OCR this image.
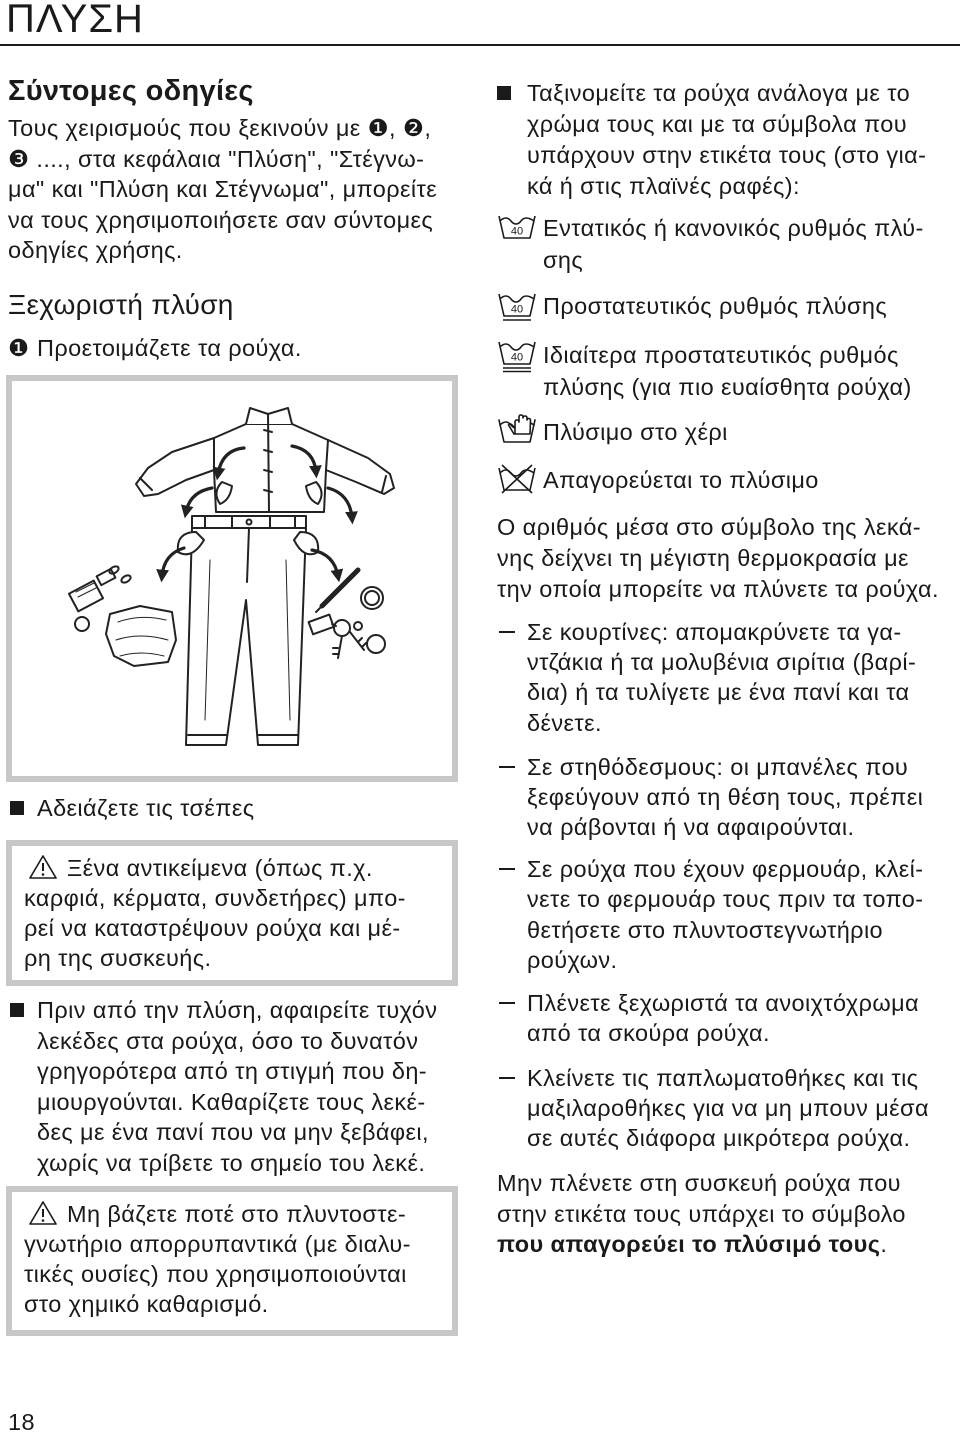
ΠΛΥΣΗ
Σύντομες οδηγίες
Τους χειρισμούς που ξεκινούν με ❶, ❷,
❸ ...., στα κεφάλαια "Πλύση", "Στέγνω-
μα" και "Πλύση και Στέγνωμα", μπορείτε
να τους χρησιμοποιήσετε σαν σύντομες
οδηγίες χρήσης.
Ξεχωριστή πλύση
❶ Προετοιμάζετε τα ρούχα.
Αδειάζετε τις τσέπες
Ξένα αντικείμενα (όπως π.χ.
καρφιά, κέρματα, συνδετήρες) μπο-
ρεί να καταστρέψουν ρούχα και μέ-
ρη της συσκευής.
Πριν από την πλύση, αφαιρείτε τυχόν
λεκέδες στα ρούχα, όσο το δυνατόν
γρηγορότερα από τη στιγμή που δη-
μιουργούνται. Καθαρίζετε τους λεκέ-
δες με ένα πανί που να μην ξεβάφει,
χωρίς να τρίβετε το σημείο του λεκέ.
Μη βάζετε ποτέ στο πλυντοστε-
γνωτήριο απορρυπαντικά (με διαλυ-
τικές ουσίες) που χρησιμοποιούνται
στο χημικό καθαρισμό.
18
Ταξινομείτε τα ρούχα ανάλογα με το
χρώμα τους και με τα σύμβολα που
υπάρχουν στην ετικέτα τους (στο για-
κά ή στις πλαϊνές ραφές):
40 Εντατικός ή κανονικός ρυθμός πλύ-
σης
40 Προστατευτικός ρυθμός πλύσης
40 Ιδιαίτερα προστατευτικός ρυθμός
πλύσης (για πιο ευαίσθητα ρούχα)
Πλύσιμο στο χέρι
Απαγορεύεται το πλύσιμο
Ο αριθμός μέσα στο σύμβολο της λεκά-
νης δείχνει τη μέγιστη θερμοκρασία με
την οποία μπορείτε να πλύνετε τα ρούχα.
Σε κουρτίνες: απομακρύνετε τα γα-
ντζάκια ή τα μολυβένια σιρίτια (βαρί-
δια) ή τα τυλίγετε με ένα πανί και τα
δένετε.
Σε στηθόδεσμους: οι μπανέλες που
ξεφεύγουν από τη θέση τους, πρέπει
να ράβονται ή να αφαιρούνται.
Σε ρούχα που έχουν φερμουάρ, κλεί-
νετε το φερμουάρ τους πριν τα τοπο-
θετήσετε στο πλυντοστεγνωτήριο
ρούχων.
Πλένετε ξεχωριστά τα ανοιχτόχρωμα
από τα σκούρα ρούχα.
Κλείνετε τις παπλωματοθήκες και τις
μαξιλαροθήκες για να μη μπουν μέσα
σε αυτές διάφορα μικρότερα ρούχα.
Μην πλένετε στη συσκευή ρούχα που
στην ετικέτα τους υπάρχει το σύμβολο
που απαγορεύει το πλύσιμό τους.
